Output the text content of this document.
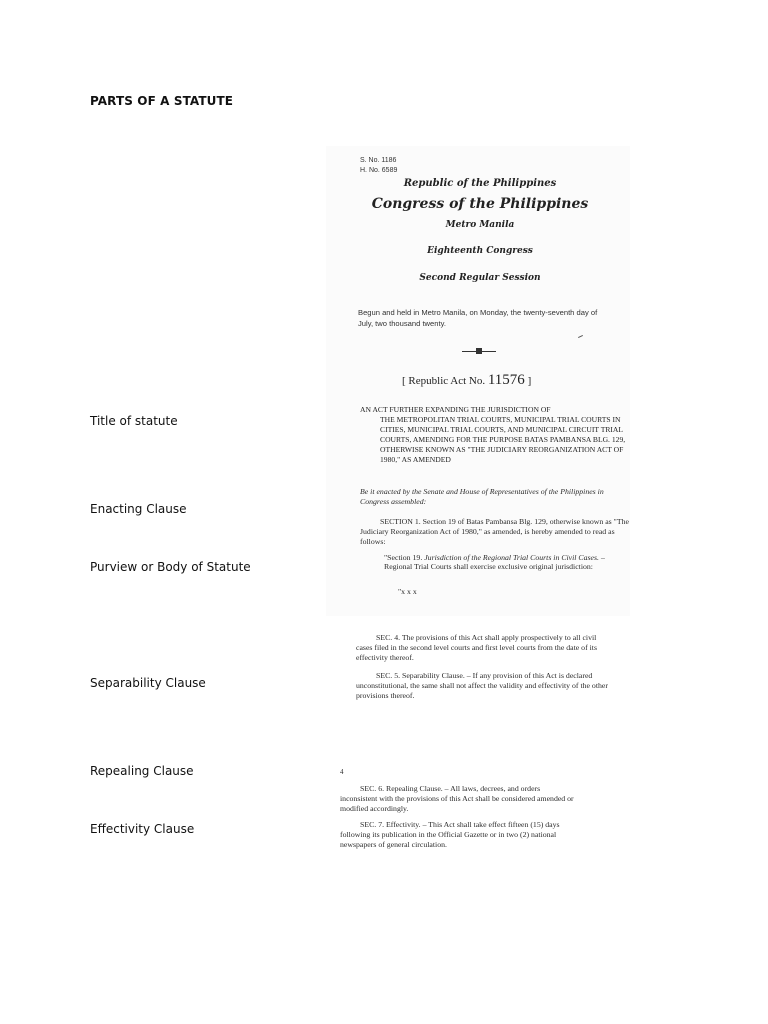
PARTS OF A STATUTE
Title of statute
Enacting Clause
Purview or Body of Statute
Separability Clause
Repealing Clause
Effectivity Clause
S. No. 1186
H. No. 6589
Republic of the Philippines
Congress of the Philippines
Metro Manila
Eighteenth Congress
Second Regular Session
Begun and held in Metro Manila, on Monday, the twenty-seventh day of July, two thousand twenty.
[ Republic Act No. 11576 ]
AN ACT FURTHER EXPANDING THE JURISDICTION OF
THE METROPOLITAN TRIAL COURTS, MUNICIPAL TRIAL COURTS IN CITIES, MUNICIPAL TRIAL COURTS, AND MUNICIPAL CIRCUIT TRIAL COURTS, AMENDING FOR THE PURPOSE BATAS PAMBANSA BLG. 129, OTHERWISE KNOWN AS "THE JUDICIARY REORGANIZATION ACT OF 1980," AS AMENDED
Be it enacted by the Senate and House of Representatives of the Philippines in Congress assembled:
SECTION 1. Section 19 of Batas Pambansa Blg. 129, otherwise known as "The Judiciary Reorganization Act of 1980," as amended, is hereby amended to read as follows:
"Section 19. Jurisdiction of the Regional Trial Courts in Civil Cases. – Regional Trial Courts shall exercise exclusive original jurisdiction:
"x x x
SEC. 4. The provisions of this Act shall apply prospectively to all civil cases filed in the second level courts and first level courts from the date of its effectivity thereof.
SEC. 5. Separability Clause. – If any provision of this Act is declared unconstitutional, the same shall not affect the validity and effectivity of the other provisions thereof.
4
SEC. 6. Repealing Clause. – All laws, decrees, and orders inconsistent with the provisions of this Act shall be considered amended or modified accordingly.
SEC. 7. Effectivity. – This Act shall take effect fifteen (15) days following its publication in the Official Gazette or in two (2) national newspapers of general circulation.
